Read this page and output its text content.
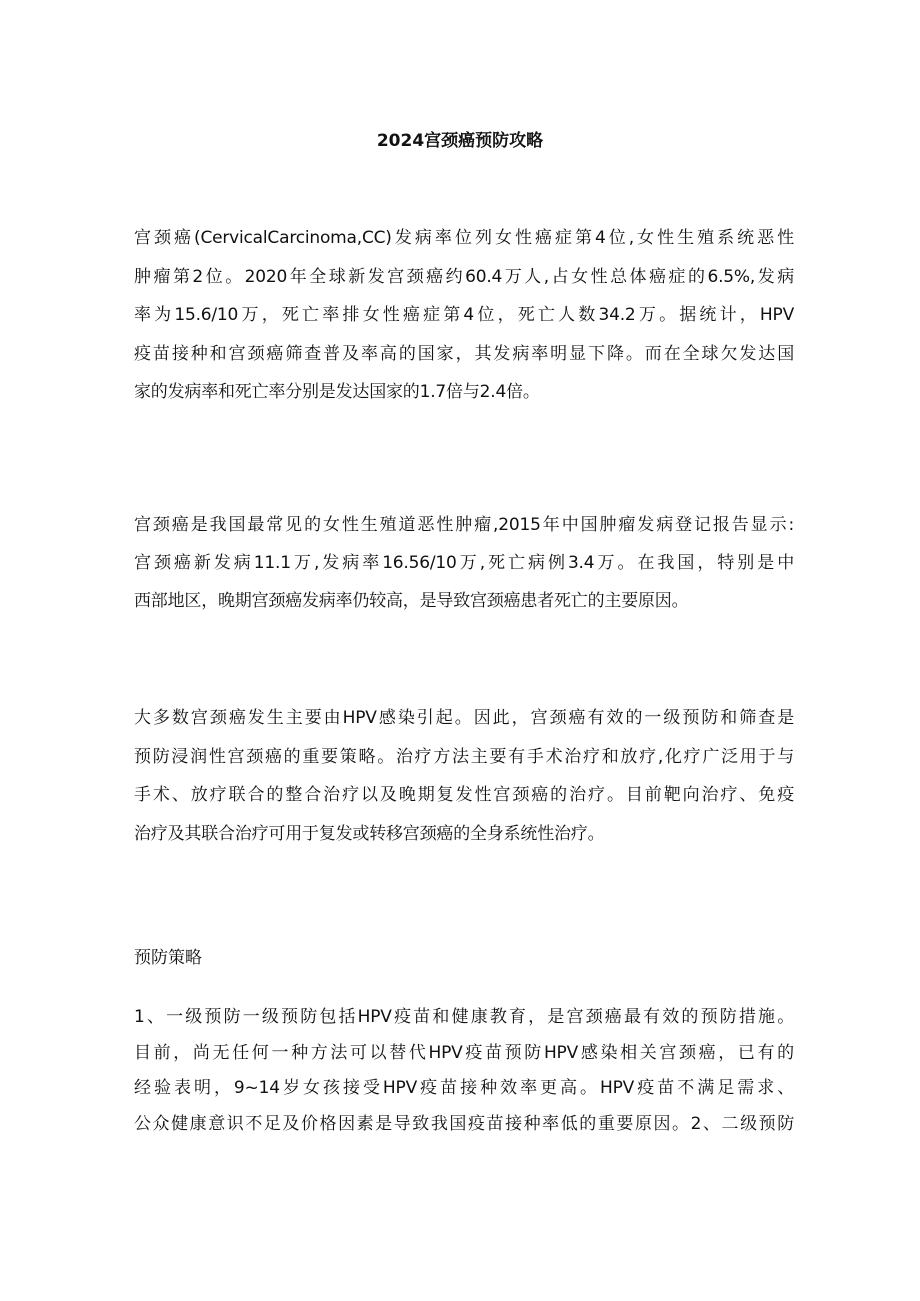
2024宫颈癌预防攻略

宫颈癌(CervicalCarcinoma,CC)发病率位列女性癌症第4位,女性生殖系统恶性
肿瘤第2位。2020年全球新发宫颈癌约60.4万人,占女性总体癌症的6.5%,发病
率为15.6/10万，死亡率排女性癌症第4位，死亡人数34.2万。据统计，HPV
疫苗接种和宫颈癌筛查普及率高的国家，其发病率明显下降。而在全球欠发达国
家的发病率和死亡率分别是发达国家的1.7倍与2.4倍。

宫颈癌是我国最常见的女性生殖道恶性肿瘤,2015年中国肿瘤发病登记报告显示:
宫颈癌新发病11.1万,发病率16.56/10万,死亡病例3.4万。在我国，特别是中
西部地区，晚期宫颈癌发病率仍较高，是导致宫颈癌患者死亡的主要原因。

大多数宫颈癌发生主要由HPV感染引起。因此，宫颈癌有效的一级预防和筛查是
预防浸润性宫颈癌的重要策略。治疗方法主要有手术治疗和放疗,化疗广泛用于与
手术、放疗联合的整合治疗以及晚期复发性宫颈癌的治疗。目前靶向治疗、免疫
治疗及其联合治疗可用于复发或转移宫颈癌的全身系统性治疗。

预防策略

1、一级预防一级预防包括HPV疫苗和健康教育，是宫颈癌最有效的预防措施。
目前，尚无任何一种方法可以替代HPV疫苗预防HPV感染相关宫颈癌，已有的
经验表明，9~14岁女孩接受HPV疫苗接种效率更高。HPV疫苗不满足需求、
公众健康意识不足及价格因素是导致我国疫苗接种率低的重要原因。2、二级预防
